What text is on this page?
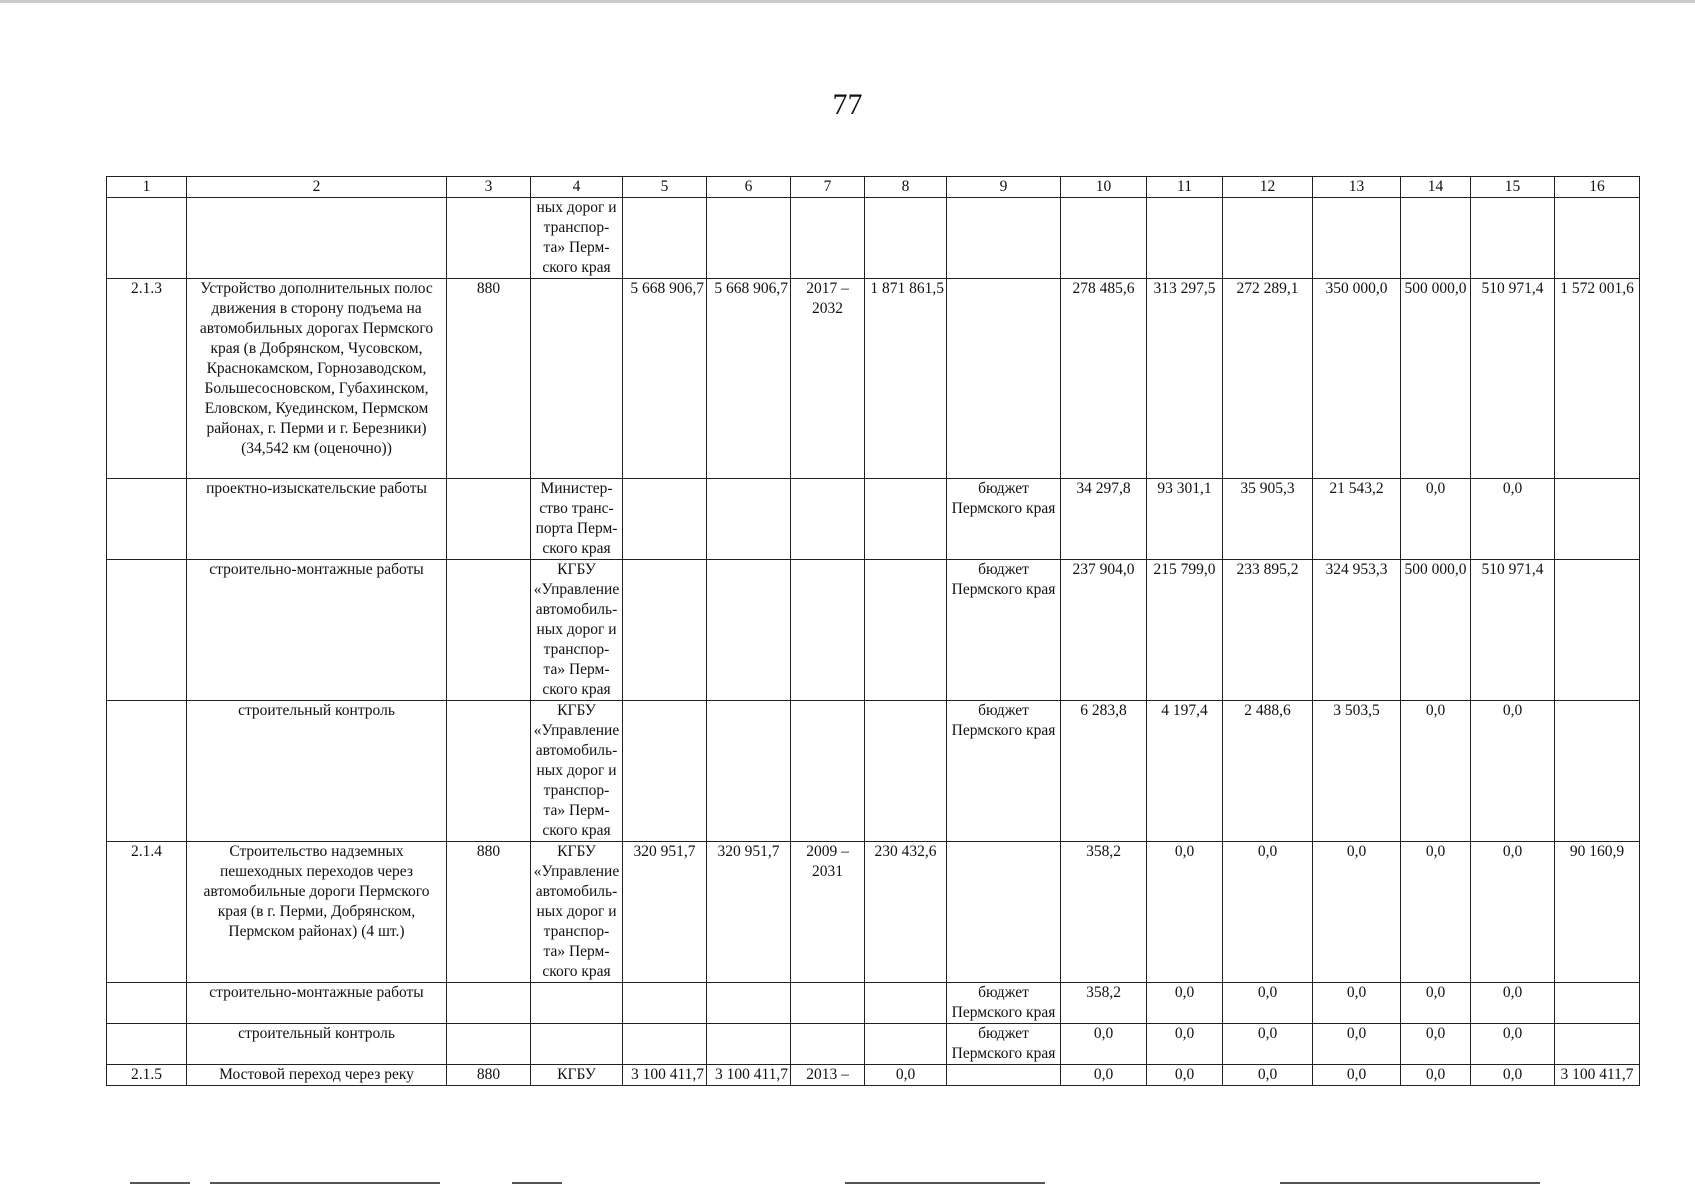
77
1	2	3	4	5	6	7	8	9	10	11	12	13	14	15	16
			ных дорог и транспор-та» Перм-ского края												
2.1.3	Устройство дополнительных полос движения в сторону подъема на автомобильных дорогах Пермского края (в Добрянском, Чусовском, Краснокамском, Горнозаводском, Большесосновском, Губахинском, Еловском, Куединском, Пермском районах, г. Перми и г. Березники) (34,542 км (оценочно))	880		5 668 906,7	5 668 906,7	2017 – 2032	1 871 861,5		278 485,6	313 297,5	272 289,1	350 000,0	500 000,0	510 971,4	1 572 001,6
	проектно-изыскательские работы		Министер-ство транс-порта Перм-ского края					бюджет Пермского края	34 297,8	93 301,1	35 905,3	21 543,2	0,0	0,0	
	строительно-монтажные работы		КГБУ «Управление автомобиль-ных дорог и транспор-та» Перм-ского края					бюджет Пермского края	237 904,0	215 799,0	233 895,2	324 953,3	500 000,0	510 971,4	
	строительный контроль		КГБУ «Управление автомобиль-ных дорог и транспор-та» Перм-ского края					бюджет Пермского края	6 283,8	4 197,4	2 488,6	3 503,5	0,0	0,0	
2.1.4	Строительство надземных пешеходных переходов через автомобильные дороги Пермского края (в г. Перми, Добрянском, Пермском районах) (4 шт.)	880	КГБУ «Управление автомобиль-ных дорог и транспор-та» Перм-ского края	320 951,7	320 951,7	2009 – 2031	230 432,6		358,2	0,0	0,0	0,0	0,0	0,0	90 160,9
	строительно-монтажные работы							бюджет Пермского края	358,2	0,0	0,0	0,0	0,0	0,0	
	строительный контроль							бюджет Пермского края	0,0	0,0	0,0	0,0	0,0	0,0	
2.1.5	Мостовой переход через реку	880	КГБУ	3 100 411,7	3 100 411,7	2013 –	0,0		0,0	0,0	0,0	0,0	0,0	0,0	3 100 411,7
